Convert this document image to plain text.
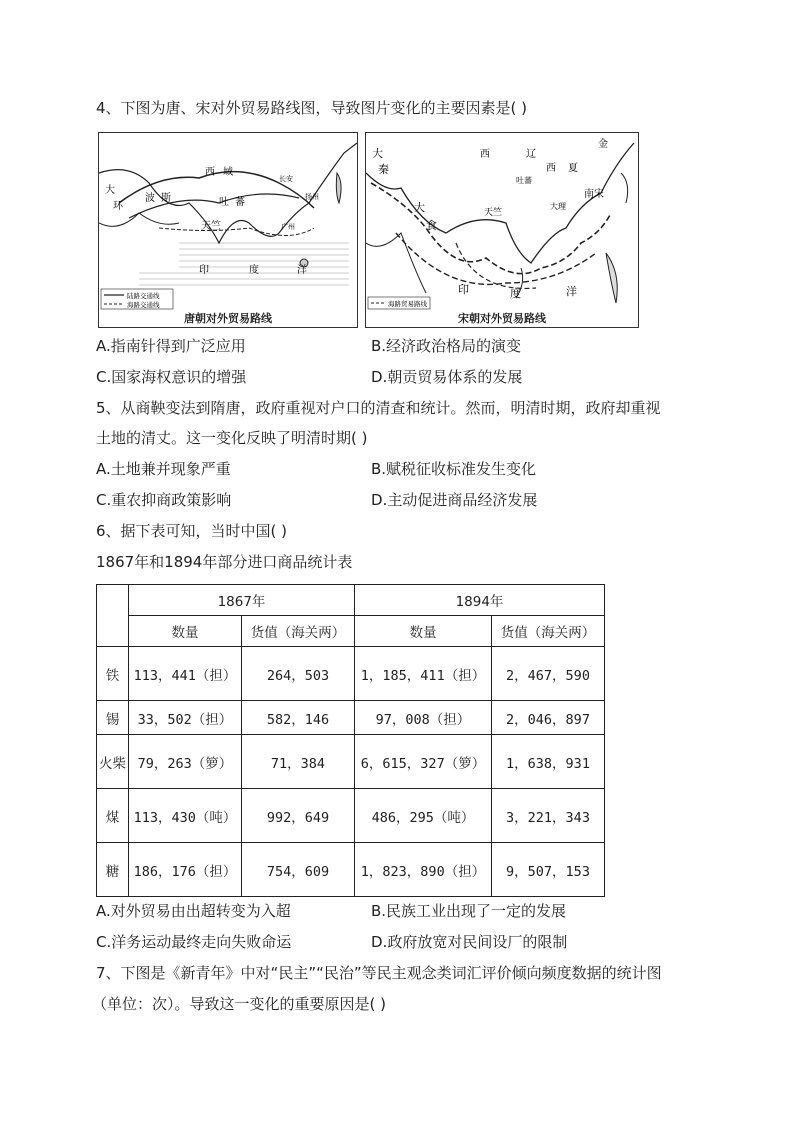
4、下图为唐、宋对外贸易路线图，导致图片变化的主要因素是( )
大
波 斯
西 域
吐 蕃
天竺
印	度	洋
环
长安
扬州
广州
陆路交通线
海路交通线
唐朝对外贸易路线
大
秦
大
食
西	辽
西 夏
金
吐蕃
大理
南宋
天竺
印	度	洋
海路贸易路线
宋朝对外贸易路线
A.指南针得到广泛应用	B.经济政治格局的演变
C.国家海权意识的增强	D.朝贡贸易体系的发展
5、从商鞅变法到隋唐，政府重视对户口的清查和统计。然而，明清时期，政府却重视
土地的清丈。这一变化反映了明清时期( )
A.土地兼并现象严重	B.赋税征收标准发生变化
C.重农抑商政策影响	D.主动促进商品经济发展
6、据下表可知，当时中国( )
1867年和1894年部分进口商品统计表
	1867年		1894年	
	数量	货值（海关两）	数量	货值（海关两）
铁	113，441（担）	264，503	1，185，411（担）	2，467，590
锡	33，502（担）	582，146	97，008（担）	2，046，897
火柴	79，263（箩）	71，384	6，615，327（箩）	1，638，931
煤	113，430（吨）	992，649	486，295（吨）	3，221，343
糖	186，176（担）	754，609	1，823，890（担）	9，507，153
A.对外贸易由出超转变为入超	B.民族工业出现了一定的发展
C.洋务运动最终走向失败命运	D.政府放宽对民间设厂的限制
7、下图是《新青年》中对“民主”“民治”等民主观念类词汇评价倾向频度数据的统计图
（单位：次）。导致这一变化的重要原因是( )
